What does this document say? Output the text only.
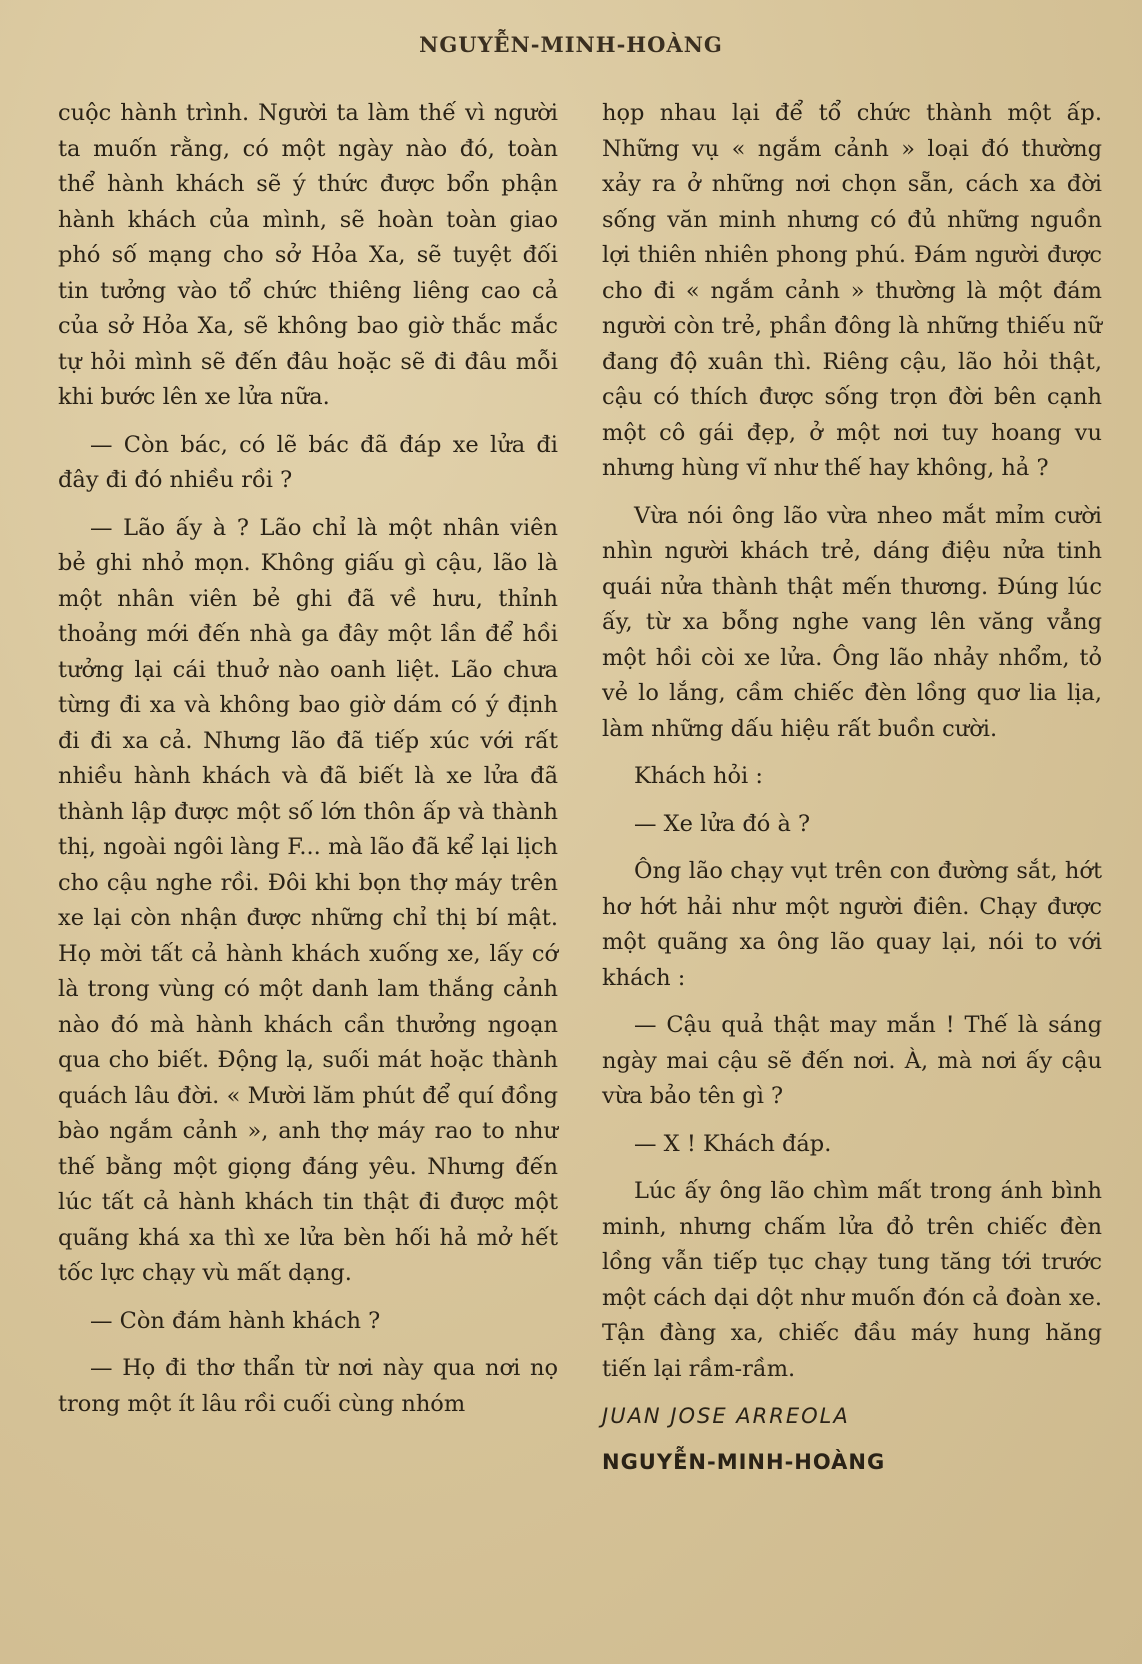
NGUYỄN-MINH-HOÀNG

cuộc hành trình. Người ta làm thế vì người ta muốn rằng, có một ngày nào đó, toàn thể hành khách sẽ ý thức được bổn phận hành khách của mình, sẽ hoàn toàn giao phó số mạng cho sở Hỏa Xa, sẽ tuyệt đối tin tưởng vào tổ chức thiêng liêng cao cả của sở Hỏa Xa, sẽ không bao giờ thắc mắc tự hỏi mình sẽ đến đâu hoặc sẽ đi đâu mỗi khi bước lên xe lửa nữa.

— Còn bác, có lẽ bác đã đáp xe lửa đi đây đi đó nhiều rồi ?

— Lão ấy à ? Lão chỉ là một nhân viên bẻ ghi nhỏ mọn. Không giấu gì cậu, lão là một nhân viên bẻ ghi đã về hưu, thỉnh thoảng mới đến nhà ga đây một lần để hồi tưởng lại cái thuở nào oanh liệt. Lão chưa từng đi xa và không bao giờ dám có ý định đi đi xa cả. Nhưng lão đã tiếp xúc với rất nhiều hành khách và đã biết là xe lửa đã thành lập được một số lớn thôn ấp và thành thị, ngoài ngôi làng F... mà lão đã kể lại lịch cho cậu nghe rồi. Đôi khi bọn thợ máy trên xe lại còn nhận được những chỉ thị bí mật. Họ mời tất cả hành khách xuống xe, lấy cớ là trong vùng có một danh lam thắng cảnh nào đó mà hành khách cần thưởng ngoạn qua cho biết. Động lạ, suối mát hoặc thành quách lâu đời. « Mười lăm phút để quí đồng bào ngắm cảnh », anh thợ máy rao to như thế bằng một giọng đáng yêu. Nhưng đến lúc tất cả hành khách tin thật đi được một quãng khá xa thì xe lửa bèn hối hả mở hết tốc lực chạy vù mất dạng.

— Còn đám hành khách ?

— Họ đi thơ thẩn từ nơi này qua nơi nọ trong một ít lâu rồi cuối cùng nhóm

họp nhau lại để tổ chức thành một ấp. Những vụ « ngắm cảnh » loại đó thường xảy ra ở những nơi chọn sẵn, cách xa đời sống văn minh nhưng có đủ những nguồn lợi thiên nhiên phong phú. Đám người được cho đi « ngắm cảnh » thường là một đám người còn trẻ, phần đông là những thiếu nữ đang độ xuân thì. Riêng cậu, lão hỏi thật, cậu có thích được sống trọn đời bên cạnh một cô gái đẹp, ở một nơi tuy hoang vu nhưng hùng vĩ như thế hay không, hả ?

Vừa nói ông lão vừa nheo mắt mỉm cười nhìn người khách trẻ, dáng điệu nửa tinh quái nửa thành thật mến thương. Đúng lúc ấy, từ xa bỗng nghe vang lên văng vẳng một hồi còi xe lửa. Ông lão nhảy nhổm, tỏ vẻ lo lắng, cầm chiếc đèn lồng quơ lia lịa, làm những dấu hiệu rất buồn cười.

Khách hỏi :

— Xe lửa đó à ?

Ông lão chạy vụt trên con đường sắt, hớt hơ hớt hải như một người điên. Chạy được một quãng xa ông lão quay lại, nói to với khách :

— Cậu quả thật may mắn ! Thế là sáng ngày mai cậu sẽ đến nơi. À, mà nơi ấy cậu vừa bảo tên gì ?

— X ! Khách đáp.

Lúc ấy ông lão chìm mất trong ánh bình minh, nhưng chấm lửa đỏ trên chiếc đèn lồng vẫn tiếp tục chạy tung tăng tới trước một cách dại dột như muốn đón cả đoàn xe. Tận đàng xa, chiếc đầu máy hung hăng tiến lại rầm-rầm.

JUAN JOSE ARREOLA

NGUYỄN-MINH-HOÀNG
